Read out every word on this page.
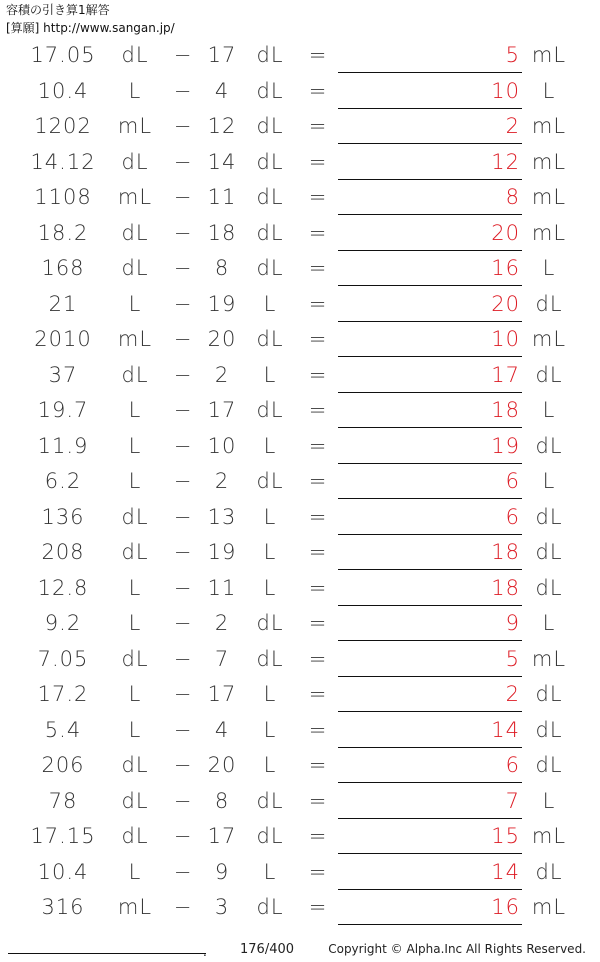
容積の引き算1解答
[算願] http://www.sangan.jp/
17.05	dL	− 17 dL	=	5 mL
10.4	L	−	4	dL	=	10	L
1202	mL − 12 dL	=	2 mL
14.12	dL	− 14 dL	=	12 mL
1108	mL − 11 dL	=	8 mL
18.2	dL	− 18 dL	=	20 mL
168	dL	−	8	dL	=	16	L
21	L	− 19	L	=	20 dL
2010	mL − 20 dL	=	10 mL
37	dL	−	2	L	=	17 dL
19.7	L	− 17 dL	=	18	L
11.9	L	− 10	L	=	19 dL
6.2	L	−	2	dL	=	6	L
136	dL	− 13	L	=	6 dL
208	dL	− 19	L	=	18 dL
12.8	L	− 11	L	=	18 dL
9.2	L	−	2	dL	=	9	L
7.05	dL	−	7	dL	=	5 mL
17.2	L	− 17	L	=	2 dL
5.4	L	−	4	L	=	14 dL
206	dL	− 20	L	=	6 dL
78	dL	−	8	dL	=	7	L
17.15	dL	− 17 dL	=	15 mL
10.4	L	−	9	L	=	14 dL
316	mL −	3	dL	=	16 mL
.	176/400	Copyright © Alpha.Inc All Rights Reserved.
